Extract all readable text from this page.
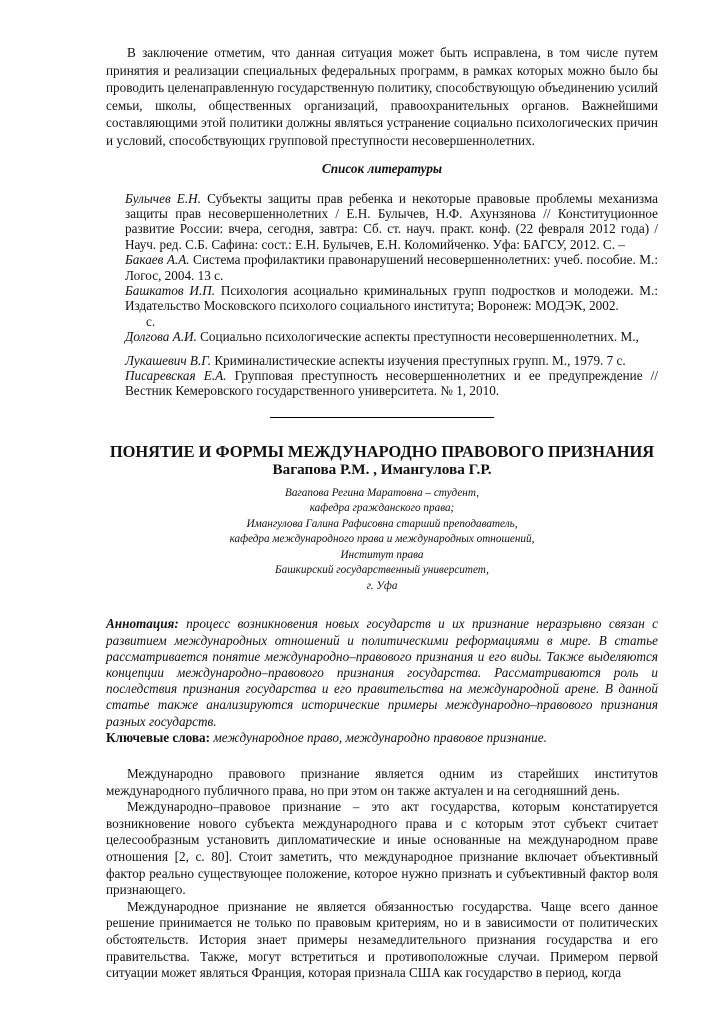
В заключение отметим, что данная ситуация может быть исправлена, в том числе путем принятия и реализации специальных федеральных программ, в рамках которых можно было бы проводить целенаправленную государственную политику, способствующую объединению усилий семьи, школы, общественных организаций, правоохранительных органов. Важнейшими составляющими этой политики должны являться устранение социально психологических причин и условий, способствующих групповой преступности несовершеннолетних.

Список литературы

Булычев Е.Н. Субъекты защиты прав ребенка и некоторые правовые проблемы механизма защиты прав несовершеннолетних / Е.Н. Булычев, Н.Ф. Ахунзянова // Конституционное развитие России: вчера, сегодня, завтра: Сб. ст. науч. практ. конф. (22 февраля 2012 года) / Науч. ред. С.Б. Сафина: сост.: Е.Н. Булычев, Е.Н. Коломийченко. Уфа: БАГСУ, 2012. С. –

Бакаев А.А. Система профилактики правонарушений несовершеннолетних: учеб. пособие. М.: Логос, 2004. 13 с.

Башкатов И.П. Психология асоциально криминальных групп подростков и молодежи. М.: Издательство Московского психолого социального института; Воронеж: МОДЭК, 2002.
с.

Долгова А.И. Социально психологические аспекты преступности несовершеннолетних. М.,

Лукашевич В.Г. Криминалистические аспекты изучения преступных групп. М., 1979. 7 с.

Писаревская Е.А. Групповая преступность несовершеннолетних и ее предупреждение // Вестник Кемеровского государственного университета. № 1, 2010.

ПОНЯТИЕ И ФОРМЫ МЕЖДУНАРОДНО ПРАВОВОГО ПРИЗНАНИЯ

Вагапова Р.М. , Имангулова Г.Р.

Вагапова Регина Маратовна – студент,

кафедра гражданского права;

Имангулова Галина Рафисовна старший преподаватель,

кафедра международного права и международных отношений,

Институт права

Башкирский государственный университет,

г. Уфа

Аннотация: процесс возникновения новых государств и их признание неразрывно связан с развитием международных отношений и политическими реформациями в мире. В статье рассматривается понятие международно–правового признания и его виды. Также выделяются концепции международно–правового признания государства. Рассматриваются роль и последствия признания государства и его правительства на международной арене. В данной статье также анализируются исторические примеры международно–правового признания разных государств.

Ключевые слова: международное право, международно правовое признание.

Международно правового признание является одним из старейших институтов международного публичного права, но при этом он также актуален и на сегодняшний день.

Международно–правовое признание – это акт государства, которым констатируется возникновение нового субъекта международного права и с которым этот субъект считает целесообразным установить дипломатические и иные основанные на международном праве отношения [2, с. 80]. Стоит заметить, что международное признание включает объективный фактор реально существующее положение, которое нужно признать и субъективный фактор воля признающего.

Международное признание не является обязанностью государства. Чаще всего данное решение принимается не только по правовым критериям, но и в зависимости от политических обстоятельств. История знает примеры незамедлительного признания государства и его правительства. Также, могут встретиться и противоположные случаи. Примером первой ситуации может являться Франция, которая признала США как государство в период, когда
